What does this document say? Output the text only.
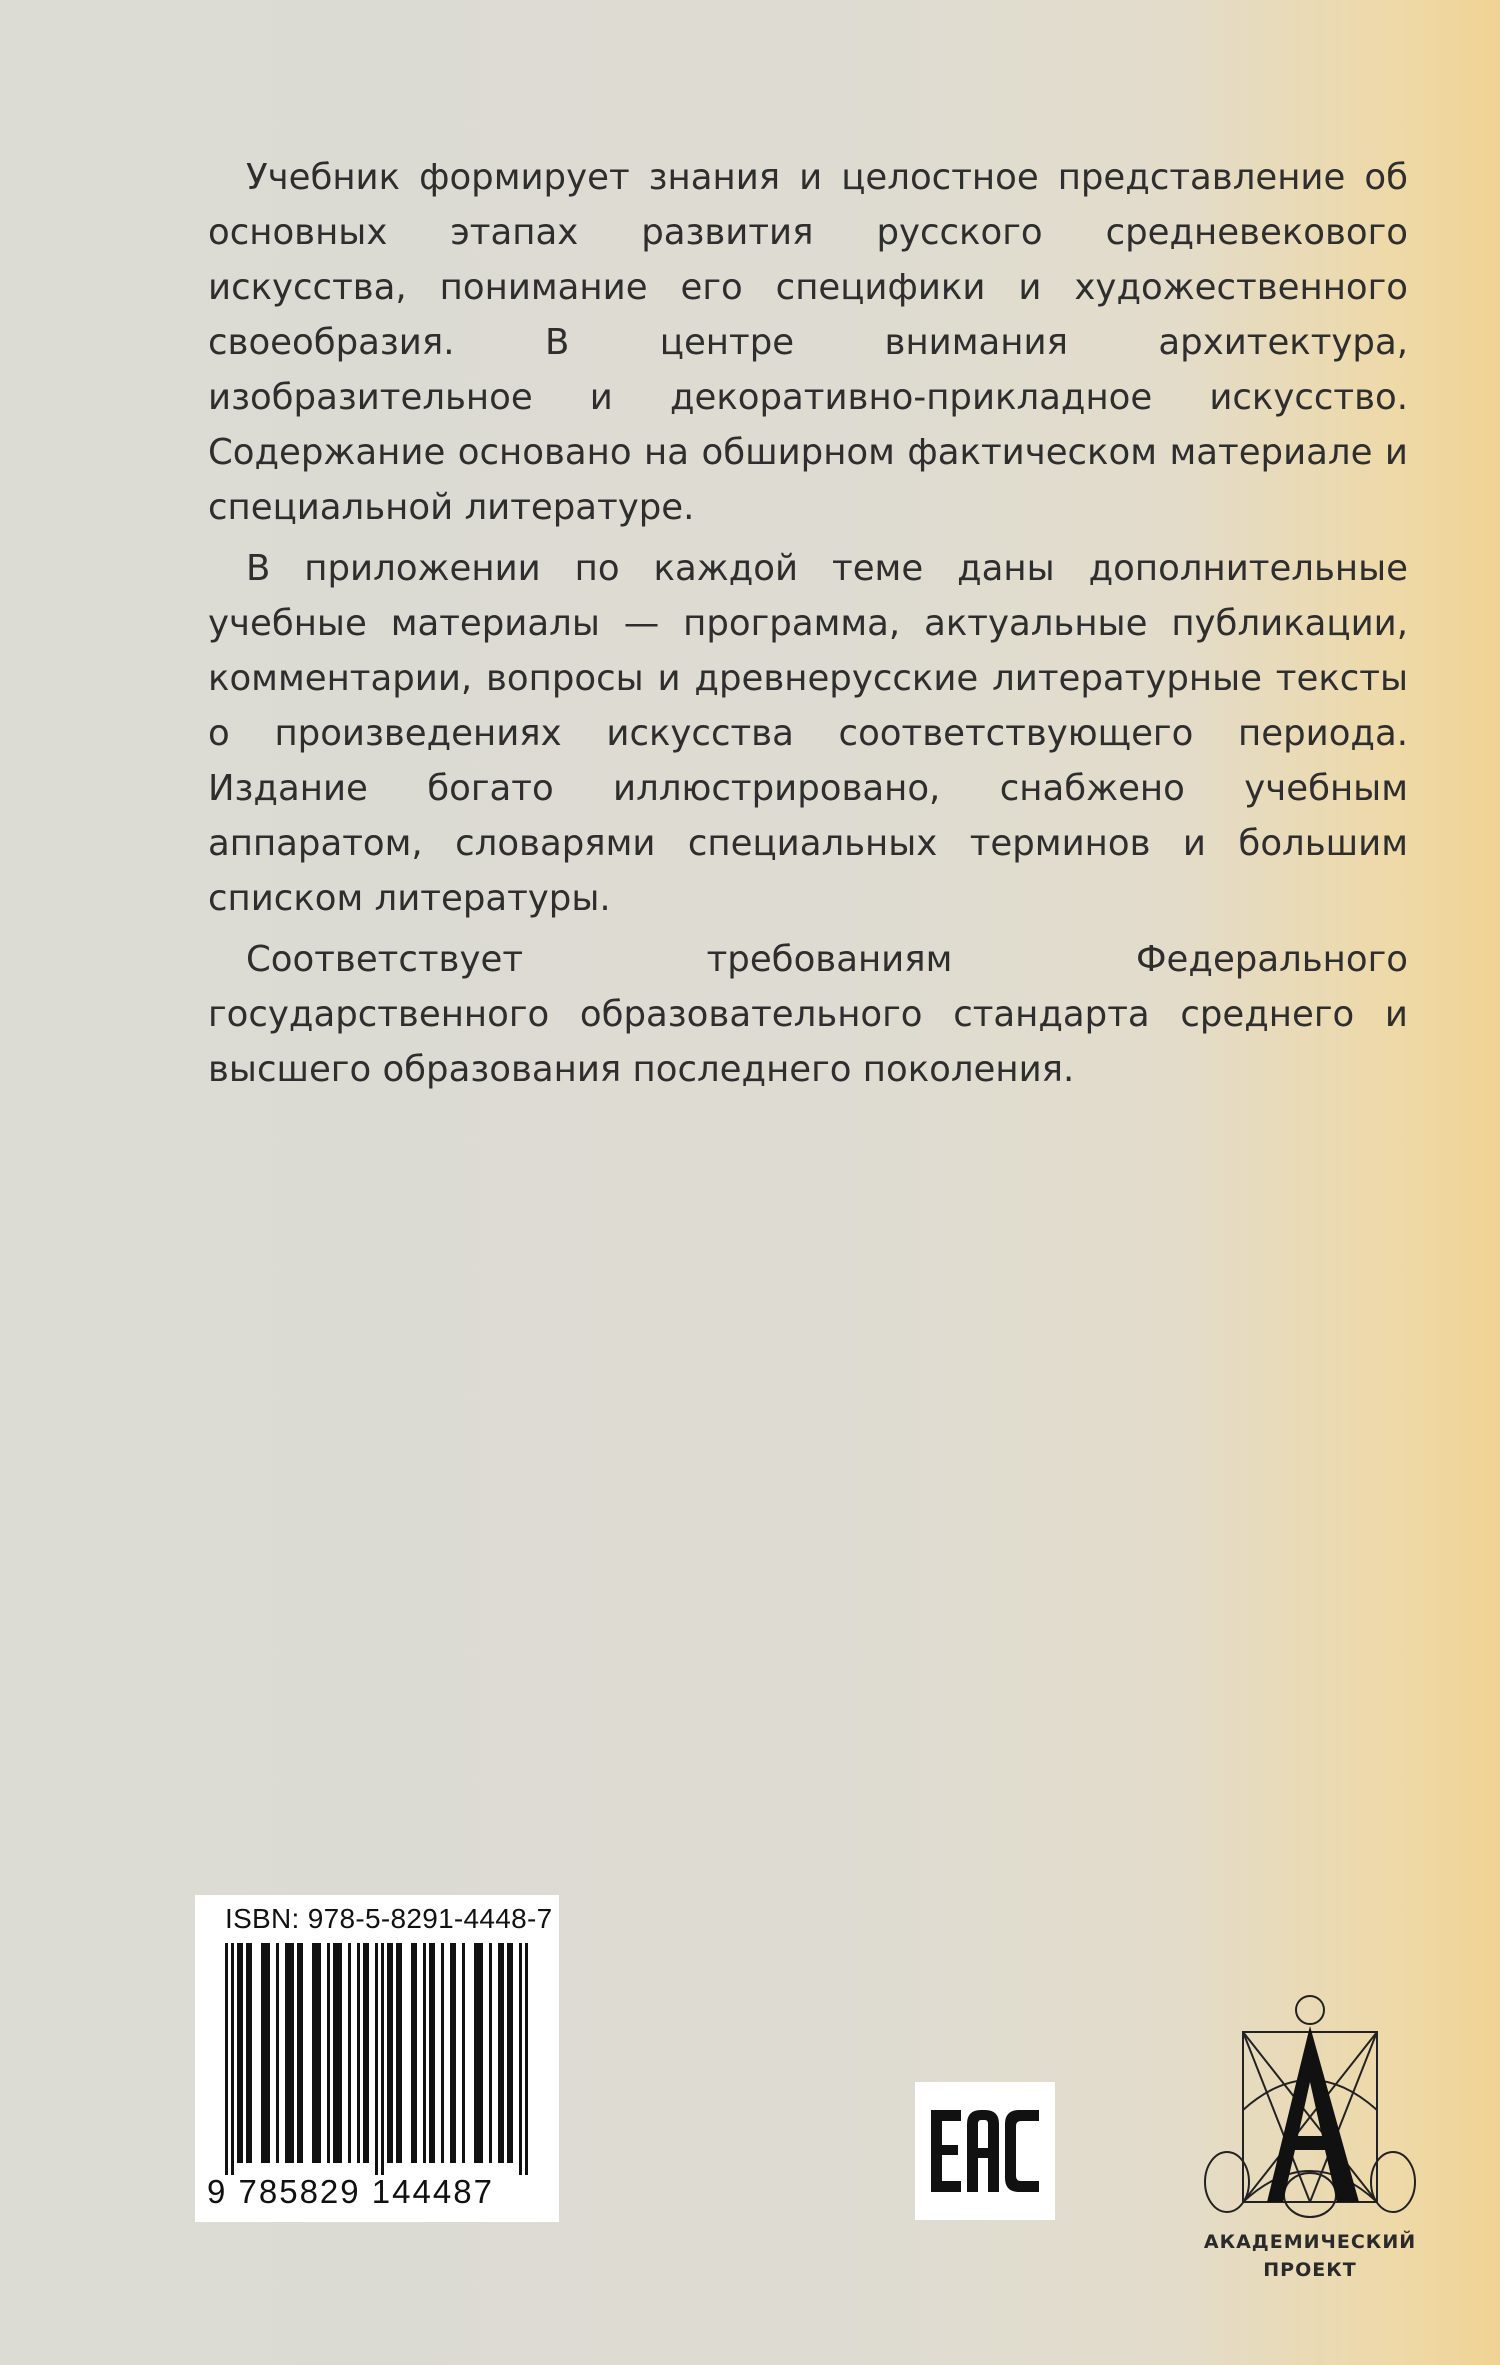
Учебник формирует знания и целостное представление об основных этапах развития русского средневекового искусства, понимание его специфики и художественного своеобразия. В центре внимания архитектура, изобразительное и декоративно-прикладное искусство. Содержание основано на обширном фактическом материале и специальной литературе.

В приложении по каждой теме даны дополнительные учебные материалы — программа, актуальные публикации, комментарии, вопросы и древнерусские литературные тексты о произведениях искусства соответствующего периода. Издание богато иллюстрировано, снабжено учебным аппаратом, словарями специальных терминов и большим списком литературы.

Соответствует требованиям Федерального государственного образовательного стандарта среднего и высшего образования последнего поколения.

ISBN: 978-5-8291-4448-7
9 785829 144487
АКАДЕМИЧЕСКИЙ
ПРОЕКТ
